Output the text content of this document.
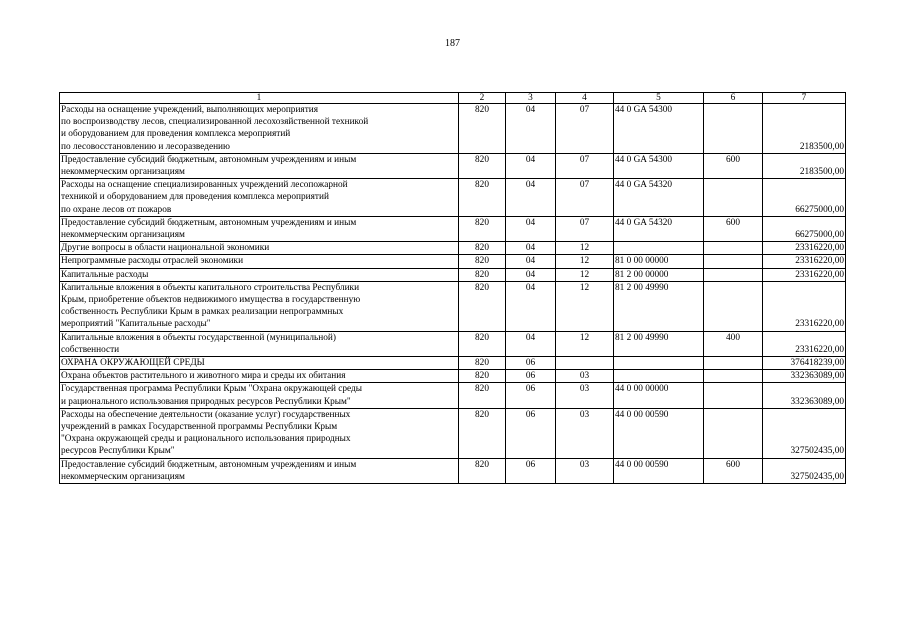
187
1	2	3	4	5	6	7
Расходы на оснащение учреждений, выполняющих мероприятия
по воспроизводству лесов, специализированной лесохозяйственной техникой
и оборудованием для проведения комплекса мероприятий
по лесовосстановлению и лесоразведению	820	04	07	44 0 GA 54300		2183500,00
Предоставление субсидий бюджетным, автономным учреждениям и иным
некоммерческим организациям	820	04	07	44 0 GA 54300	600	2183500,00
Расходы на оснащение специализированных учреждений лесопожарной
техникой и оборудованием для проведения комплекса мероприятий
по охране лесов от пожаров	820	04	07	44 0 GA 54320		66275000,00
Предоставление субсидий бюджетным, автономным учреждениям и иным
некоммерческим организациям	820	04	07	44 0 GA 54320	600	66275000,00
Другие вопросы в области национальной экономики	820	04	12			23316220,00
Непрограммные расходы отраслей экономики	820	04	12	81 0 00 00000		23316220,00
Капитальные расходы	820	04	12	81 2 00 00000		23316220,00
Капитальные вложения в объекты капитального строительства Республики
Крым, приобретение объектов недвижимого имущества в государственную
собственность Республики Крым в рамках реализации непрограммных
мероприятий "Капитальные расходы"	820	04	12	81 2 00 49990		23316220,00
Капитальные вложения в объекты государственной (муниципальной)
собственности	820	04	12	81 2 00 49990	400	23316220,00
ОХРАНА ОКРУЖАЮЩЕЙ СРЕДЫ	820	06				376418239,00
Охрана объектов растительного и животного мира и среды их обитания	820	06	03			332363089,00
Государственная программа Республики Крым "Охрана окружающей среды
и рационального использования природных ресурсов Республики Крым"	820	06	03	44 0 00 00000		332363089,00
Расходы на обеспечение деятельности (оказание услуг) государственных
учреждений в рамках Государственной программы Республики Крым
"Охрана окружающей среды и рационального использования природных
ресурсов Республики Крым"	820	06	03	44 0 00 00590		327502435,00
Предоставление субсидий бюджетным, автономным учреждениям и иным
некоммерческим организациям	820	06	03	44 0 00 00590	600	327502435,00
